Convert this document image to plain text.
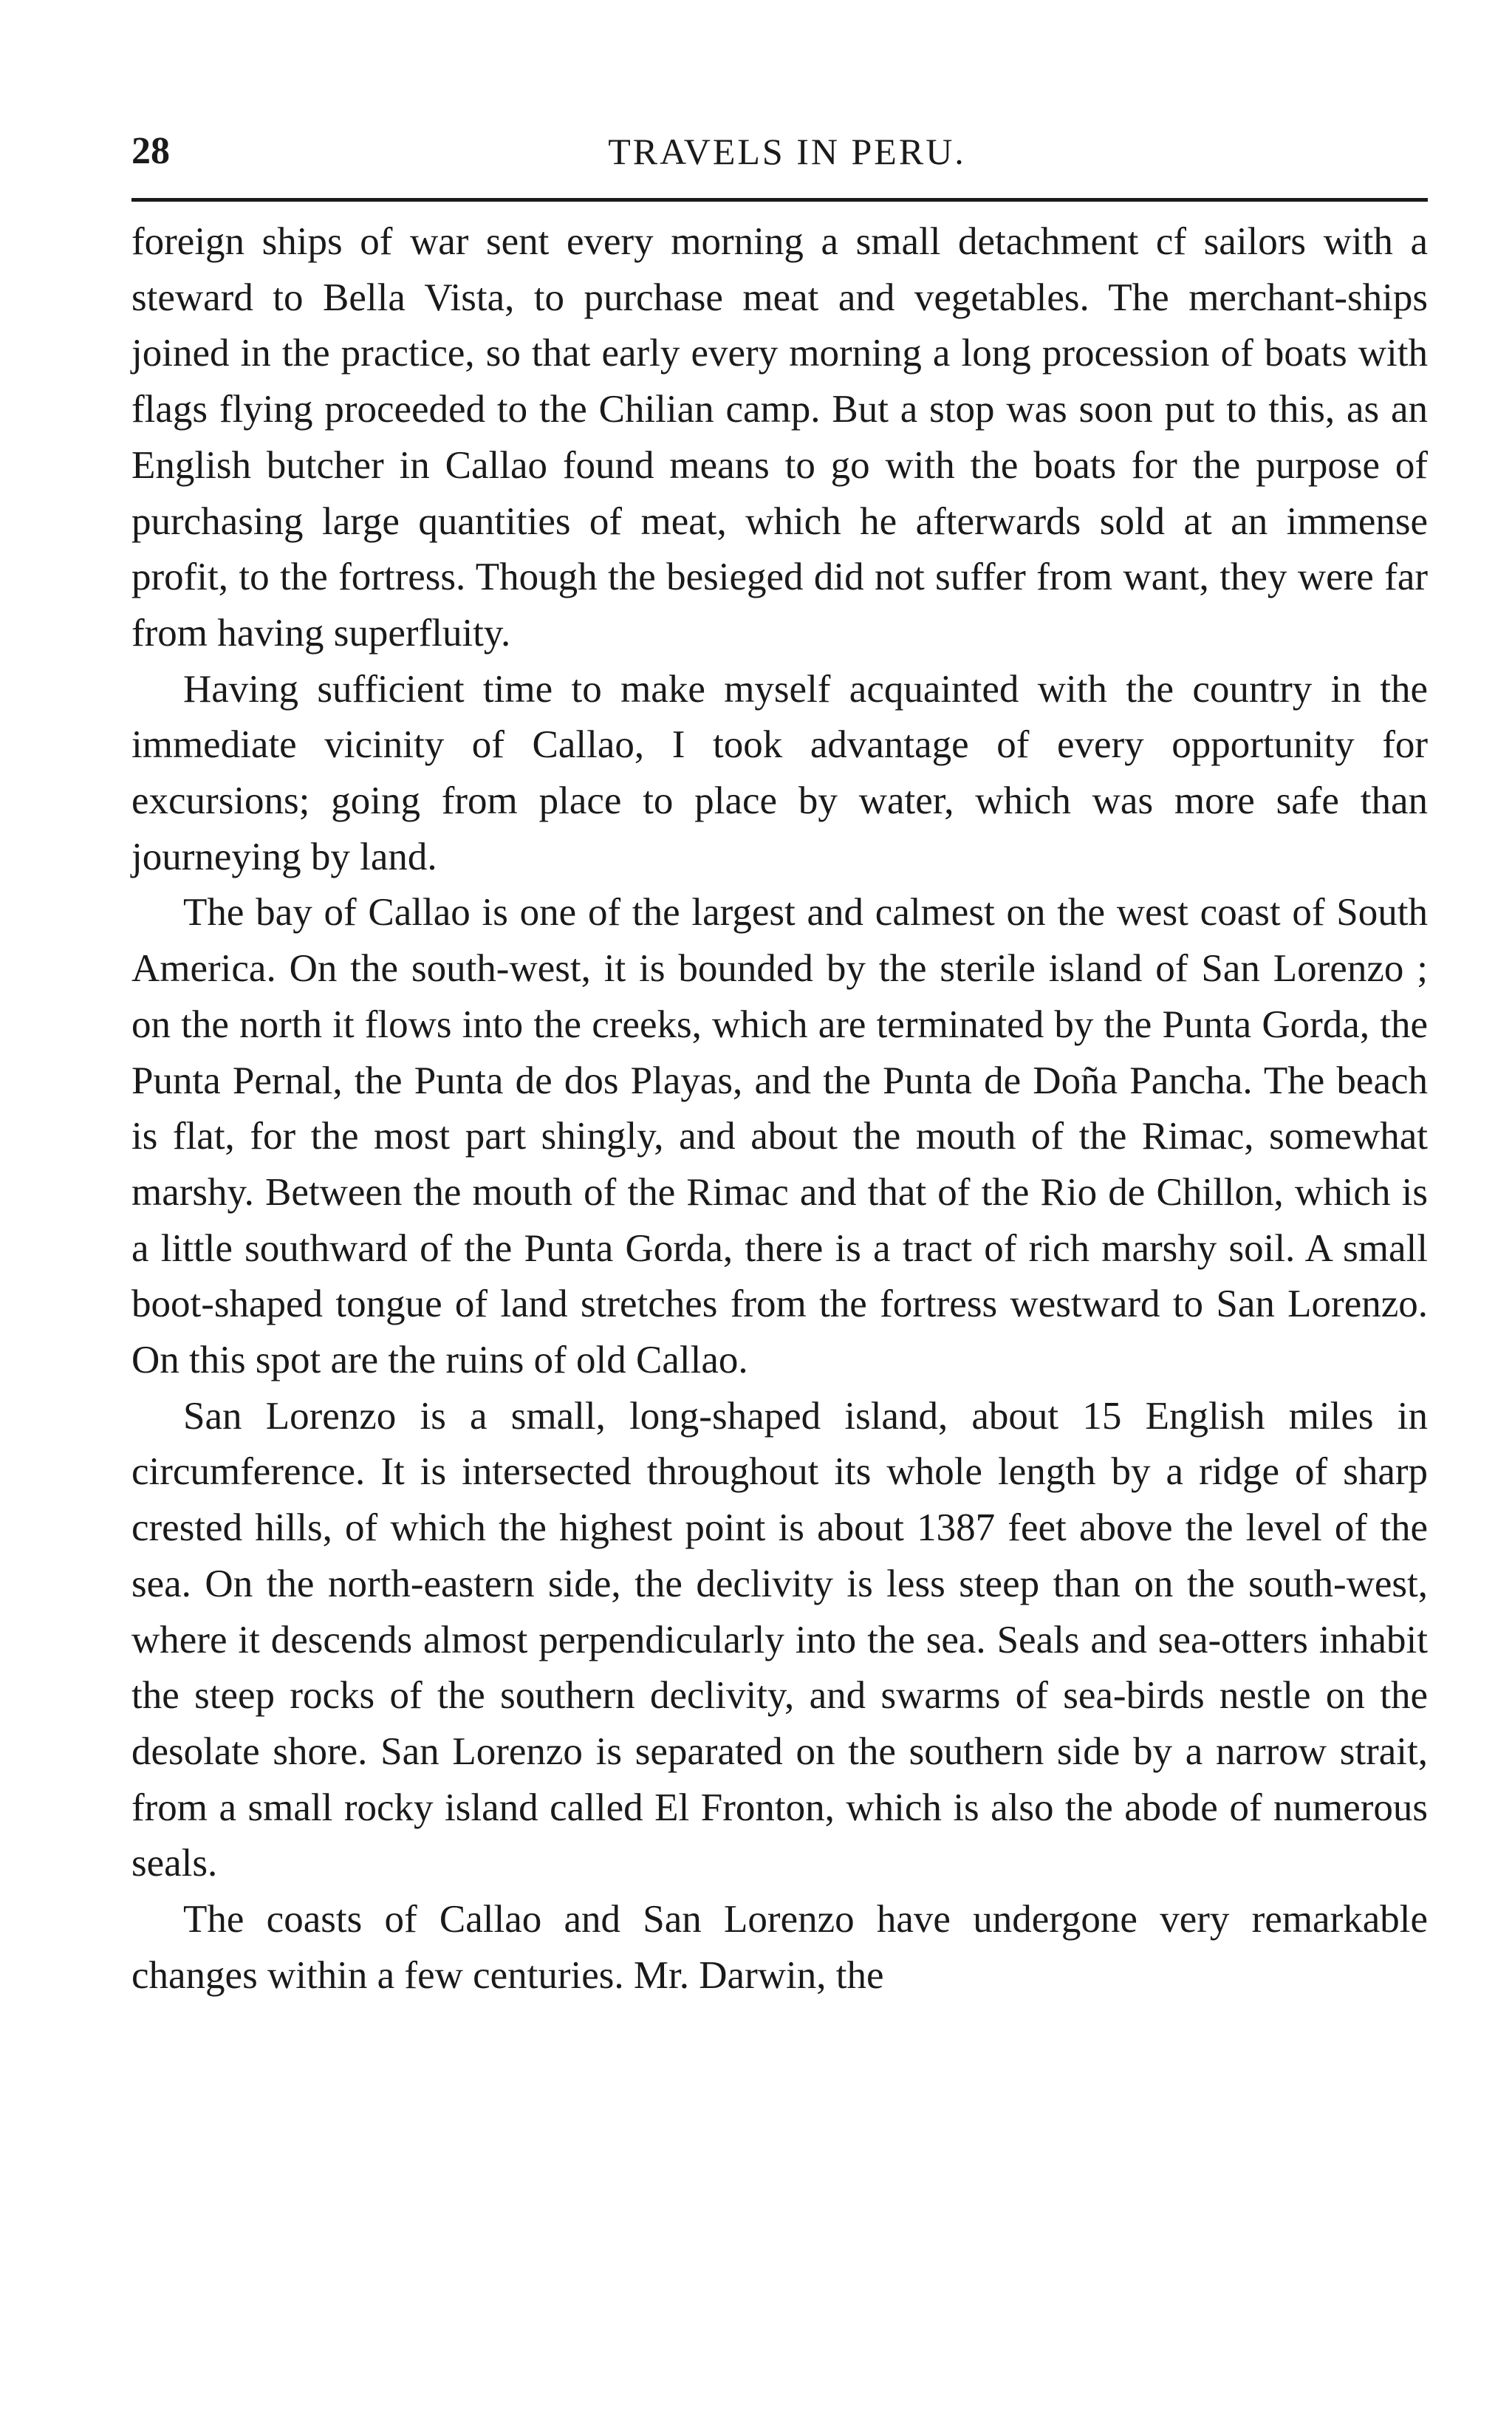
28	TRAVELS IN PERU.

foreign ships of war sent every morning a small detachment cf sailors with a steward to Bella Vista, to purchase meat and vegetables. The merchant-ships joined in the practice, so that early every morning a long procession of boats with flags flying proceeded to the Chilian camp. But a stop was soon put to this, as an English butcher in Callao found means to go with the boats for the purpose of purchasing large quantities of meat, which he afterwards sold at an immense profit, to the fortress. Though the besieged did not suffer from want, they were far from having superfluity.

Having sufficient time to make myself acquainted with the country in the immediate vicinity of Callao, I took advantage of every opportunity for excursions; going from place to place by water, which was more safe than journeying by land.

The bay of Callao is one of the largest and calmest on the west coast of South America. On the south-west, it is bounded by the sterile island of San Lorenzo ; on the north it flows into the creeks, which are terminated by the Punta Gorda, the Punta Pernal, the Punta de dos Playas, and the Punta de Doña Pancha. The beach is flat, for the most part shingly, and about the mouth of the Rimac, somewhat marshy. Between the mouth of the Rimac and that of the Rio de Chillon, which is a little southward of the Punta Gorda, there is a tract of rich marshy soil. A small boot-shaped tongue of land stretches from the fortress westward to San Lorenzo. On this spot are the ruins of old Callao.

San Lorenzo is a small, long-shaped island, about 15 English miles in circumference. It is intersected throughout its whole length by a ridge of sharp crested hills, of which the highest point is about 1387 feet above the level of the sea. On the north-eastern side, the declivity is less steep than on the south-west, where it descends almost perpendicularly into the sea. Seals and sea-otters inhabit the steep rocks of the southern declivity, and swarms of sea-birds nestle on the desolate shore. San Lorenzo is separated on the southern side by a narrow strait, from a small rocky island called El Fronton, which is also the abode of numerous seals.

The coasts of Callao and San Lorenzo have undergone very remarkable changes within a few centuries. Mr. Darwin, the
